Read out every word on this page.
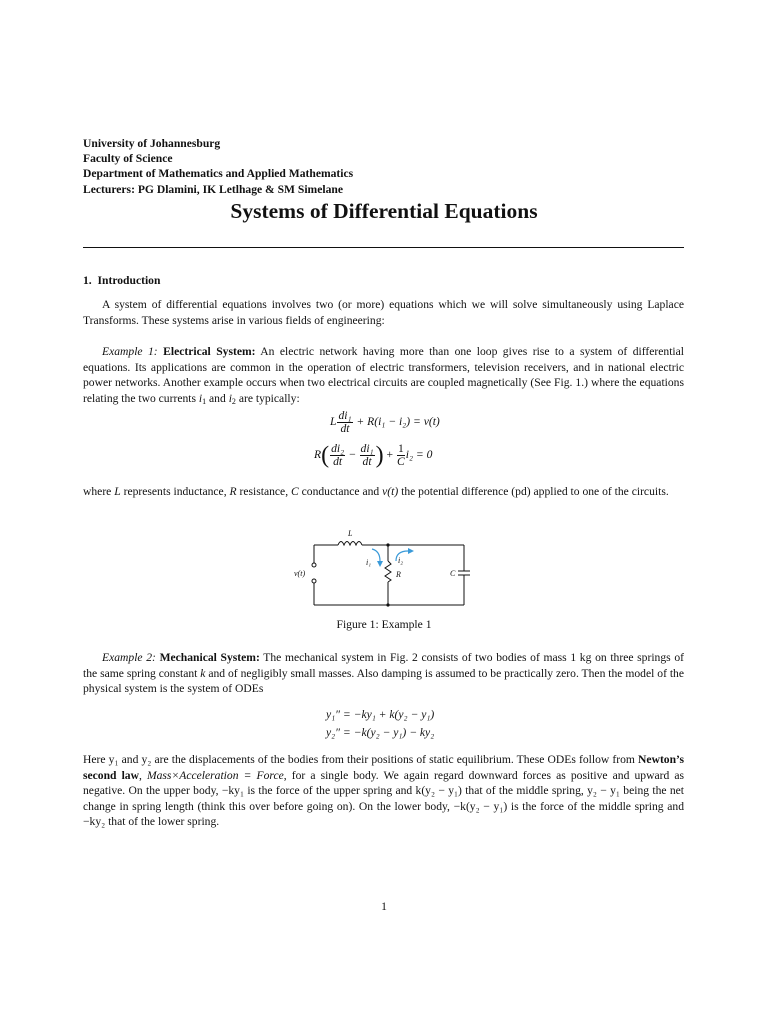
University of Johannesburg
Faculty of Science
Department of Mathematics and Applied Mathematics
Lecturers: PG Dlamini, IK Letlhage & SM Simelane
Systems of Differential Equations
1. Introduction
A system of differential equations involves two (or more) equations which we will solve simultaneously using Laplace Transforms. These systems arise in various fields of engineering:
Example 1: Electrical System: An electric network having more than one loop gives rise to a system of differential equations. Its applications are common in the operation of electric transformers, television receivers, and in national electric power networks. Another example occurs when two electrical circuits are coupled magnetically (See Fig. 1.) where the equations relating the two currents $i_1$ and $i_2$ are typically:
L $\frac{\text{di₁}}{dt} + R(i_1 - i_2) = v(t)$
$R( \frac{\text{di₂}}{dt} - \frac{\text{di₁}}{dt}$ ) + $\frac{1}{C} i_2 = 0$
where L represents inductance, R resistance, C conductance and v(t) the potential difference (pd) applied to one of the circuits.
L
i₁	i₂
R	C
v(t)
Figure 1: Example 1
Example 2: Mechanical System: The mechanical system in Fig. 2 consists of two bodies of mass 1 kg on three springs of the same spring constant k and of negligibly small masses. Also damping is assumed to be practically zero. Then the model of the physical system is the system of ODEs
y₁″ = −ky₁ + k(y₂ − y₁)
y₂″ = −k(y₂ − y₁) − ky₂
Here y₁ and y₂ are the displacements of the bodies from their positions of static equilibrium. These ODEs follow from Newton’s second law, Mass×Acceleration = Force, for a single body. We again regard downward forces as positive and upward as negative. On the upper body, −ky₁ is the force of the upper spring and k(y₂ − y₁) that of the middle spring, y₂ − y₁ being the net change in spring length (think this over before going on). On the lower body, −k(y₂ − y₁) is the force of the middle spring and −ky₂ that of the lower spring.
1
